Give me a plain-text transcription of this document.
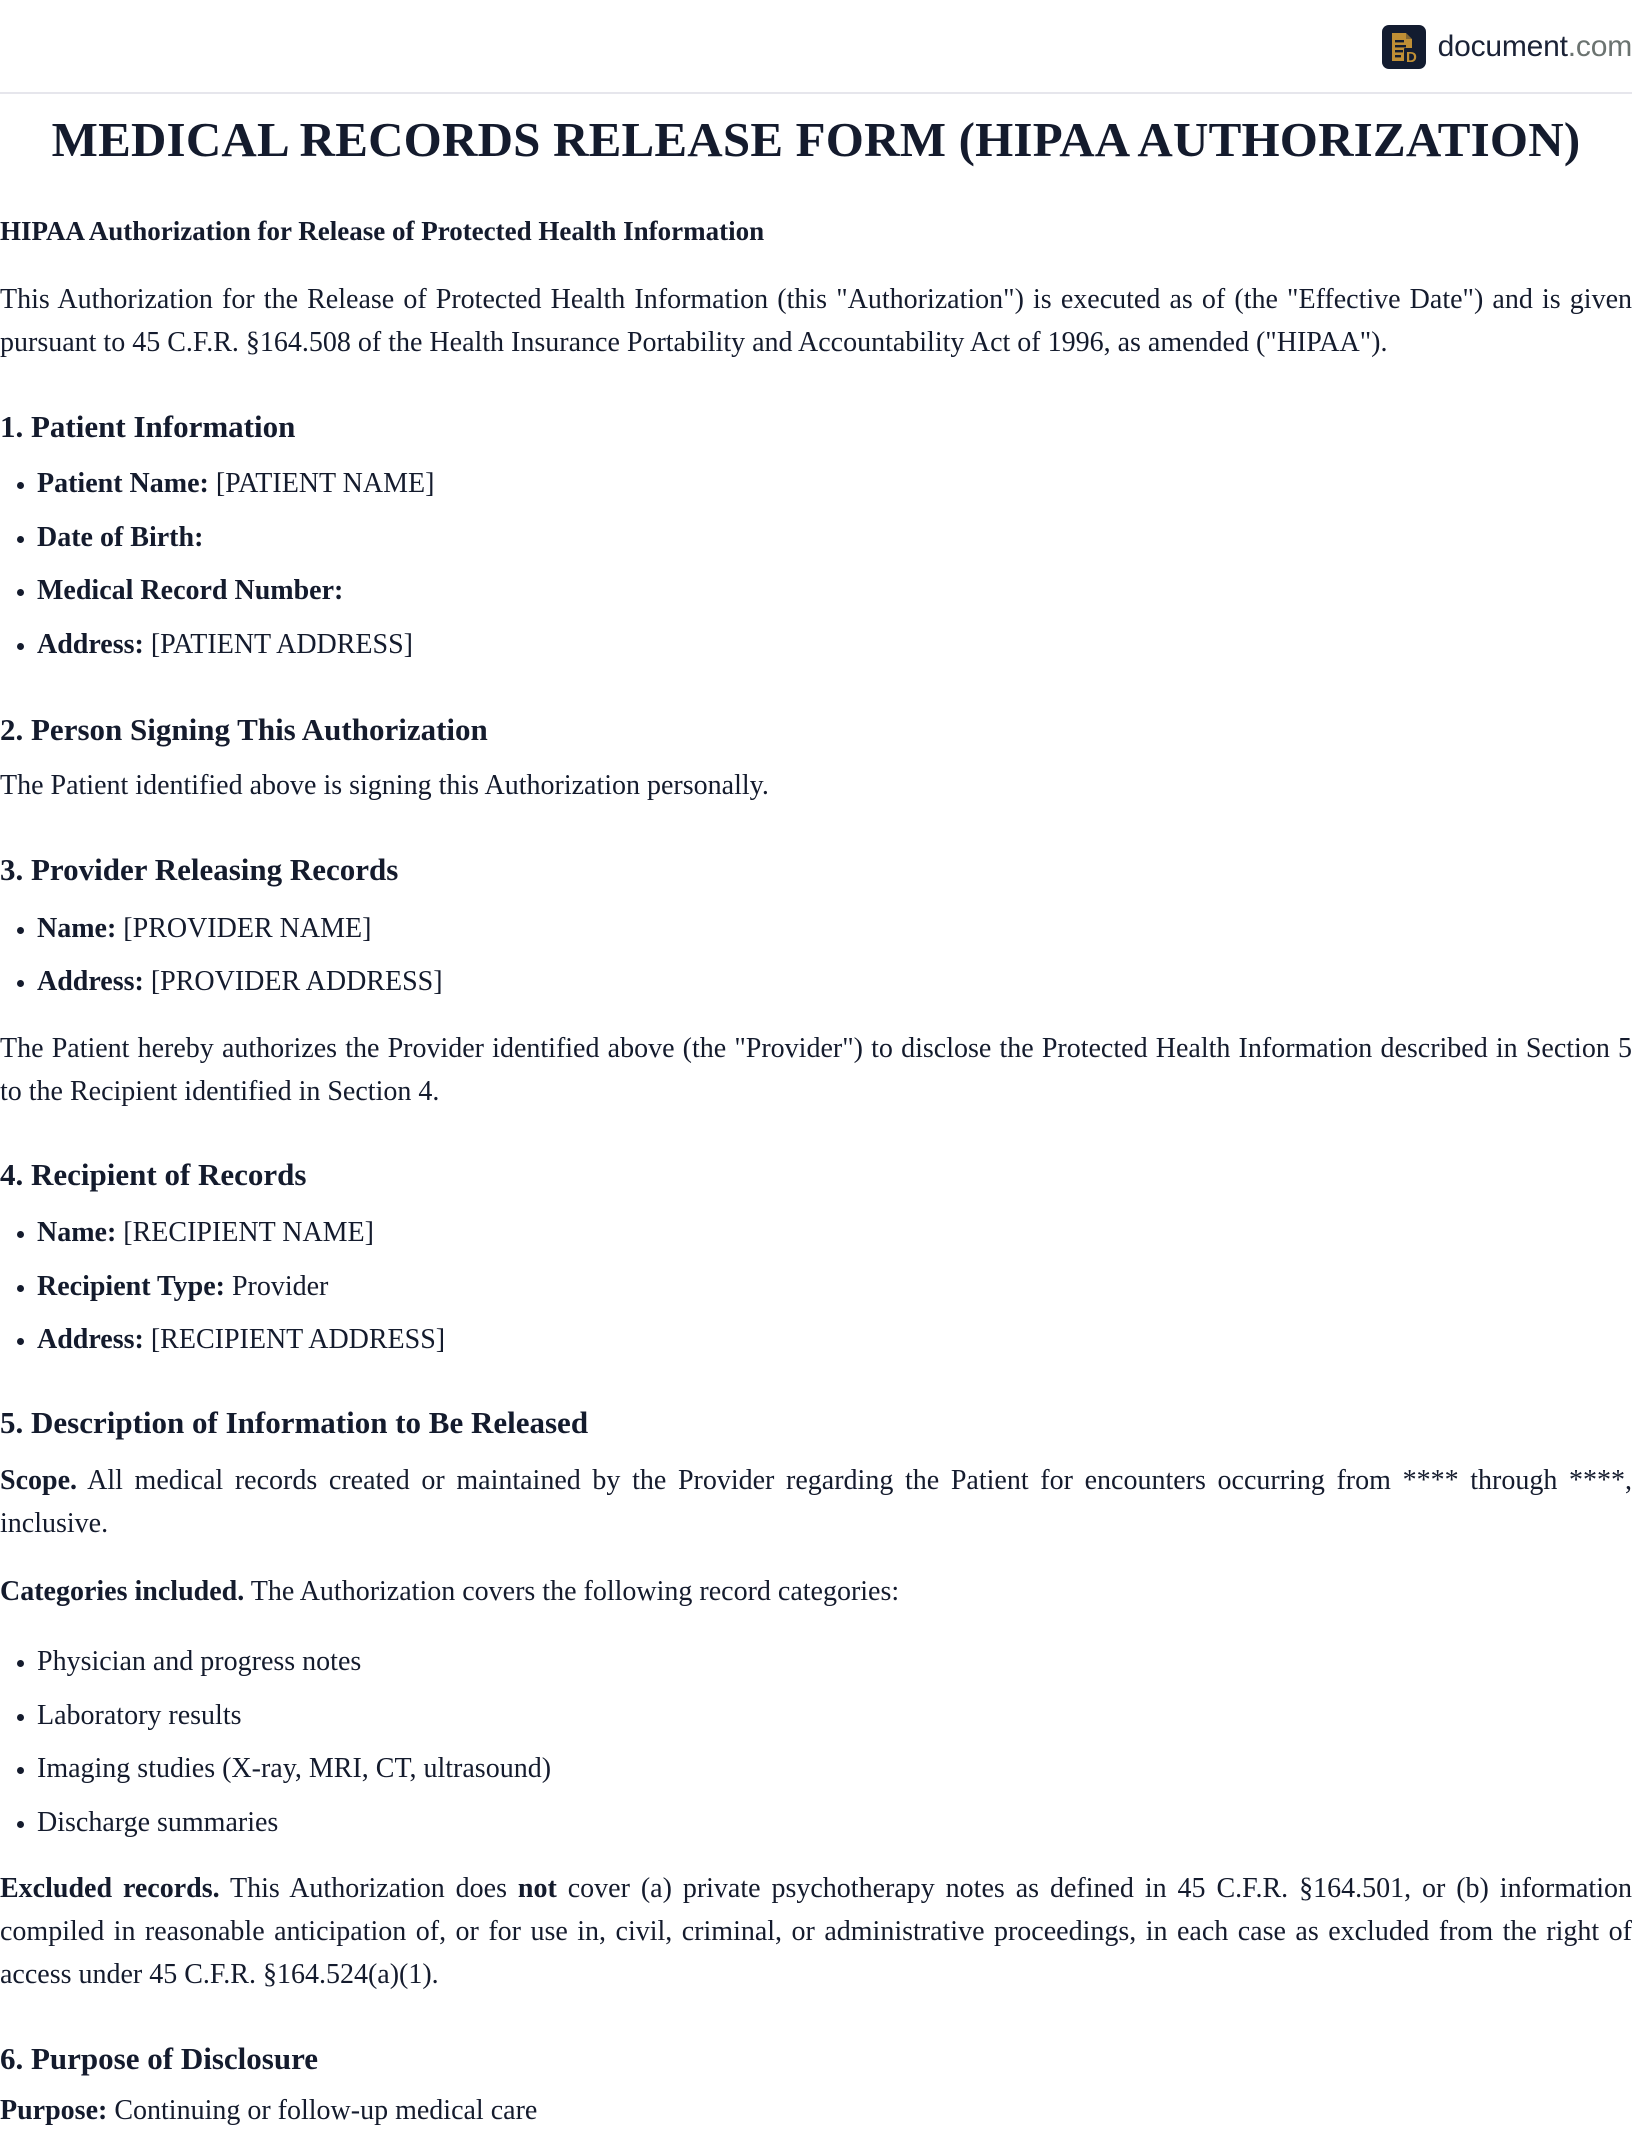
D document.com
MEDICAL RECORDS RELEASE FORM (HIPAA AUTHORIZATION)
HIPAA Authorization for Release of Protected Health Information

This Authorization for the Release of Protected Health Information (this "Authorization") is executed as of (the "Effective Date") and is given pursuant to 45 C.F.R. §164.508 of the Health Insurance Portability and Accountability Act of 1996, as amended ("HIPAA").

1. Patient Information
• Patient Name: [PATIENT NAME]
• Date of Birth:
• Medical Record Number:
• Address: [PATIENT ADDRESS]
2. Person Signing This Authorization

The Patient identified above is signing this Authorization personally.

3. Provider Releasing Records
• Name: [PROVIDER NAME]
• Address: [PROVIDER ADDRESS]

The Patient hereby authorizes the Provider identified above (the "Provider") to disclose the Protected Health Information described in Section 5 to the Recipient identified in Section 4.

4. Recipient of Records
• Name: [RECIPIENT NAME]
• Recipient Type: Provider
• Address: [RECIPIENT ADDRESS]
5. Description of Information to Be Released

Scope. All medical records created or maintained by the Provider regarding the Patient for encounters occurring from **** through ****, inclusive.

Categories included. The Authorization covers the following record categories:

• Physician and progress notes
• Laboratory results
• Imaging studies (X-ray, MRI, CT, ultrasound)
• Discharge summaries

Excluded records. This Authorization does not cover (a) private psychotherapy notes as defined in 45 C.F.R. §164.501, or (b) information compiled in reasonable anticipation of, or for use in, civil, criminal, or administrative proceedings, in each case as excluded from the right of access under 45 C.F.R. §164.524(a)(1).

6. Purpose of Disclosure

Purpose: Continuing or follow-up medical care
